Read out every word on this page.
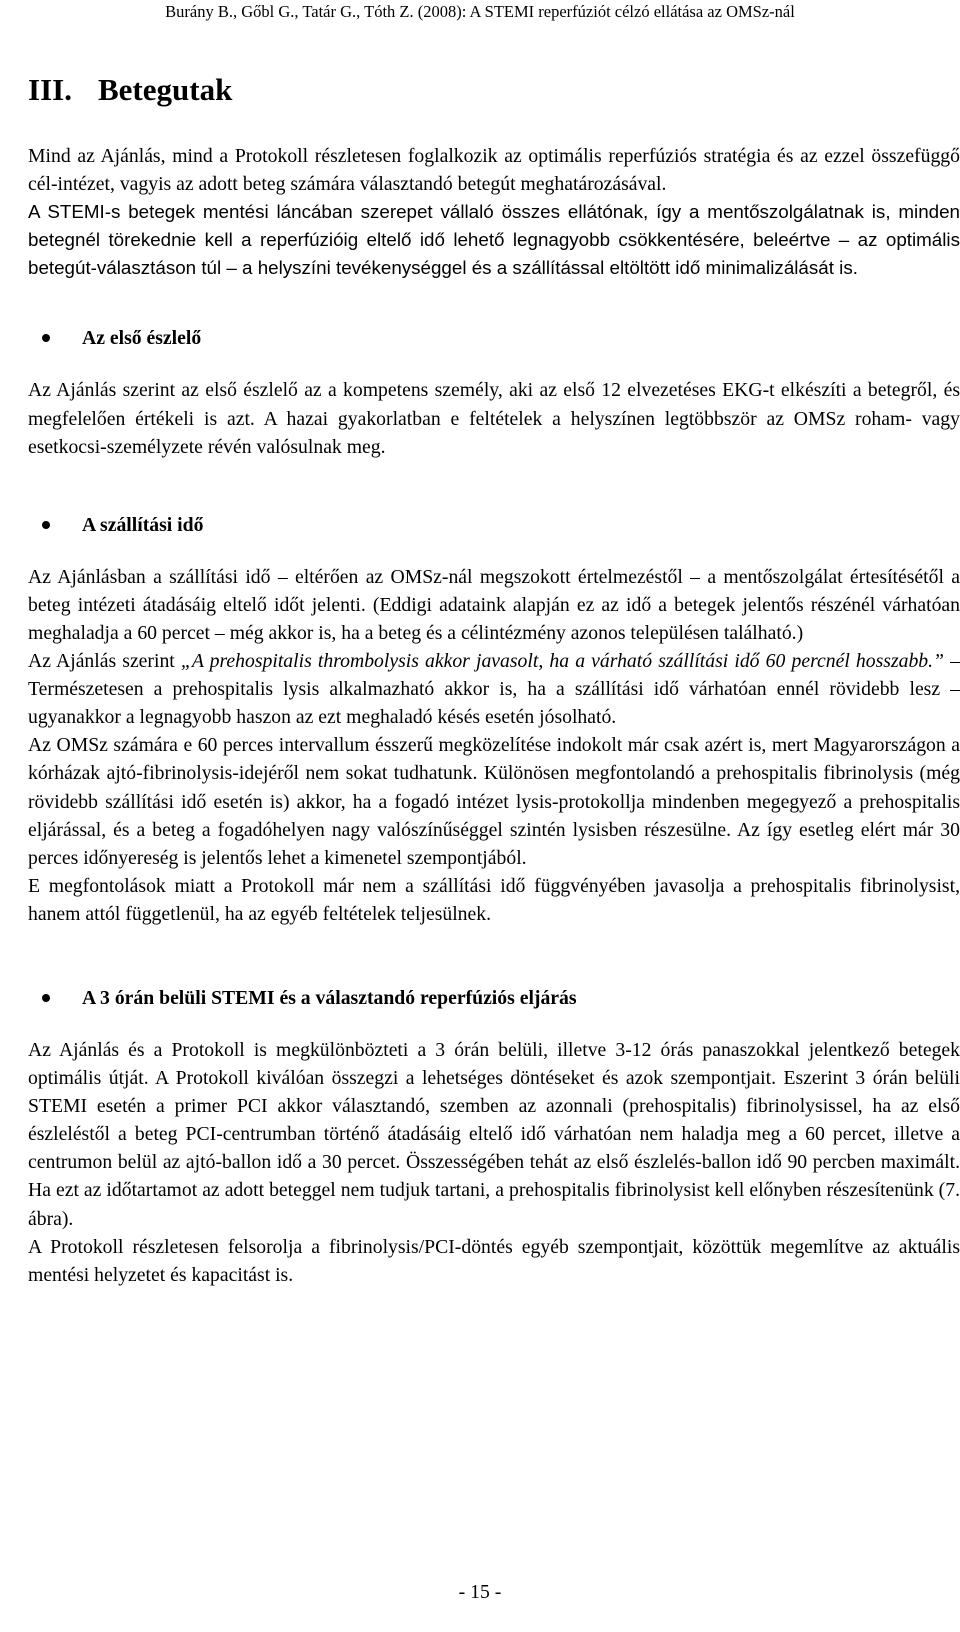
Burány B., Gőbl G., Tatár G., Tóth Z. (2008): A STEMI reperfúziót célzó ellátása az OMSz-nál
III. Betegutak

Mind az Ajánlás, mind a Protokoll részletesen foglalkozik az optimális reperfúziós stratégia és az ezzel összefüggő cél-intézet, vagyis az adott beteg számára választandó betegút meghatározásával.

A STEMI-s betegek mentési láncában szerepet vállaló összes ellátónak, így a mentőszolgálatnak is, minden betegnél törekednie kell a reperfúzióig eltelő idő lehető legnagyobb csökkentésére, beleértve – az optimális betegút-választáson túl – a helyszíni tevékenységgel és a szállítással eltöltött idő minimalizálását is.

Az első észlelő

Az Ajánlás szerint az első észlelő az a kompetens személy, aki az első 12 elvezetéses EKG-t elkészíti a betegről, és megfelelően értékeli is azt. A hazai gyakorlatban e feltételek a helyszínen legtöbbször az OMSz roham- vagy esetkocsi-személyzete révén valósulnak meg.

A szállítási idő

Az Ajánlásban a szállítási idő – eltérően az OMSz-nál megszokott értelmezéstől – a mentőszolgálat értesítésétől a beteg intézeti átadásáig eltelő időt jelenti. (Eddigi adataink alapján ez az idő a betegek jelentős részénél várhatóan meghaladja a 60 percet – még akkor is, ha a beteg és a célintézmény azonos településen található.)

Az Ajánlás szerint „A prehospitalis thrombolysis akkor javasolt, ha a várható szállítási idő 60 percnél hosszabb.” – Természetesen a prehospitalis lysis alkalmazható akkor is, ha a szállítási idő várhatóan ennél rövidebb lesz – ugyanakkor a legnagyobb haszon az ezt meghaladó késés esetén jósolható.

Az OMSz számára e 60 perces intervallum ésszerű megközelítése indokolt már csak azért is, mert Magyarországon a kórházak ajtó-fibrinolysis-idejéről nem sokat tudhatunk. Különösen megfontolandó a prehospitalis fibrinolysis (még rövidebb szállítási idő esetén is) akkor, ha a fogadó intézet lysis-protokollja mindenben megegyező a prehospitalis eljárással, és a beteg a fogadóhelyen nagy valószínűséggel szintén lysisben részesülne. Az így esetleg elért már 30 perces időnyereség is jelentős lehet a kimenetel szempontjából.

E megfontolások miatt a Protokoll már nem a szállítási idő függvényében javasolja a prehospitalis fibrinolysist, hanem attól függetlenül, ha az egyéb feltételek teljesülnek.

A 3 órán belüli STEMI és a választandó reperfúziós eljárás

Az Ajánlás és a Protokoll is megkülönbözteti a 3 órán belüli, illetve 3-12 órás panaszokkal jelentkező betegek optimális útját. A Protokoll kiválóan összegzi a lehetséges döntéseket és azok szempontjait. Eszerint 3 órán belüli STEMI esetén a primer PCI akkor választandó, szemben az azonnali (prehospitalis) fibrinolysissel, ha az első észleléstől a beteg PCI-centrumban történő átadásáig eltelő idő várhatóan nem haladja meg a 60 percet, illetve a centrumon belül az ajtó-ballon idő a 30 percet. Összességében tehát az első észlelés-ballon idő 90 percben maximált. Ha ezt az időtartamot az adott beteggel nem tudjuk tartani, a prehospitalis fibrinolysist kell előnyben részesítenünk (7. ábra).

A Protokoll részletesen felsorolja a fibrinolysis/PCI-döntés egyéb szempontjait, közöttük megemlítve az aktuális mentési helyzetet és kapacitást is.

- 15 -
